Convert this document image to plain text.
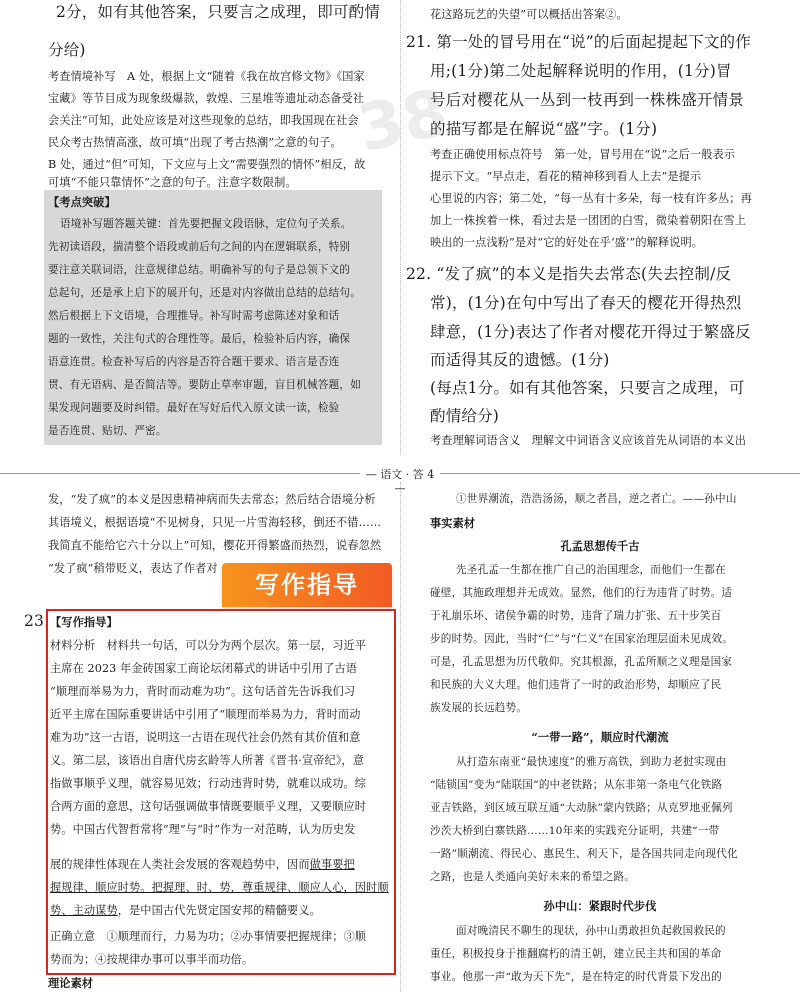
2分，如有其他答案，只要言之成理，即可酌情
分给)
考查情境补写　A 处，根据上文“随着《我在故宫修文物》《国家
宝藏》等节目成为现象级爆款，敦煌、三星堆等遗址动态备受社
会关注”可知，此处应该是对这些现象的总结，即我国现在社会
民众考古热情高涨，故可填“出现了考古热潮”之意的句子。
B 处，通过“但”可知，下文应与上文“需要强烈的情怀”相反，故
可填“不能只靠情怀”之意的句子。注意字数限制。
【考点突破】
语境补写题答题关键：首先要把握文段语脉，定位句子关系。
先初读语段，揣清整个语段或前后句之间的内在逻辑联系，特别
要注意关联词语，注意规律总结。明确补写的句子是总领下文的
总起句，还是承上启下的展开句，还是对内容做出总结的总结句。
然后根据上下文语境，合理推导。补写时需考虑陈述对象和话
题的一致性，关注句式的合理性等。最后，检验补后内容，确保
语意连贯。检查补写后的内容是否符合题干要求、语言是否连
贯、有无语病、是否简洁等。要防止草率审题，盲目机械答题，如
果发现问题要及时纠错。最好在写好后代入原文读一读，检验
是否连贯、贴切、严密。
38
花这路玩艺的失望”可以概括出答案②。
21. 第一处的冒号用在“说”的后面起提起下文的作
用;(1分)第二处起解释说明的作用，(1分)冒
号后对樱花从一丛到一枝再到一株株盛开情景
的描写都是在解说“盛”字。(1分)
考查正确使用标点符号　第一处，冒号用在“说”之后一般表示
提示下文。“早点走，看花的精神移到看人上去”是提示
心里说的内容；第二处，“每一丛有十多朵，每一枝有许多丛；再
加上一株挨着一株，看过去是一团团的白雪，微染着朝阳在雪上
映出的一点浅粉”是对“它的好处在乎‘盛’”的解释说明。
22. “发了疯”的本义是指失去常态(失去控制/反
常)，(1分)在句中写出了春天的樱花开得热烈
肆意，(1分)表达了作者对樱花开得过于繁盛反
而适得其反的遗憾。(1分)
(每点1分。如有其他答案，只要言之成理，可
酌情给分)
考查理解词语含义　理解文中词语含义应该首先从词语的本义出
— 语文 · 答 4 —
发，“发了疯”的本义是因患精神病而失去常态；然后结合语境分析
其语境义，根据语境“不见树身，只见一片雪海轻移，倒还不错……
我简直不能给它六十分以上”可知，樱花开得繁盛而热烈，说春忽然
“发了疯”稍带贬义，表达了作者对
写作指导
23. 【写作指导】
材料分析　材料共一句话，可以分为两个层次。第一层，习近平
主席在 2023 年金砖国家工商论坛闭幕式的讲话中引用了古语
“顺理而举易为力，背时而动难为功”。这句话首先告诉我们习
近平主席在国际重要讲话中引用了“顺理而举易为力，背时而动
难为功”这一古语，说明这一古语在现代社会仍然有其价值和意
义。第二层，该语出自唐代房玄龄等人所著《晋书·宣帝纪》，意
指做事顺乎义理，就容易见效；行动违背时势，就难以成功。综
合两方面的意思，这句话强调做事情既要顺乎义理，又要顺应时
势。中国古代智哲常将“理”与“时”作为一对范畴，认为历史发
展的规律性体现在人类社会发展的客观趋势中，因而做事要把
握规律、顺应时势。把握理、时、势，尊重规律、顺应人心，因时顺
势、主动谋势，是中国古代先贤定国安邦的精髓要义。
正确立意　①顺理而行，力易为功；②办事情要把握规律；③顺
势而为；④按规律办事可以事半而功倍。
理论素材
①世界潮流，浩浩汤汤，顺之者昌，逆之者亡。——孙中山
事实素材
孔孟思想传千古
先圣孔孟一生都在推广自己的治国理念，而他们一生都在
碰壁，其施政理想并无成效。显然，他们的行为违背了时势。适
于礼崩乐坏、诸侯争霸的时势，违背了瑞力扩张、五十步笑百
步的时势。因此，当时“仁”与“仁义”在国家治理层面未见成效。
可是，孔孟思想为历代敬仰。究其根源，孔孟所顺之义理是国家
和民族的大义大理。他们违背了一时的政治形势，却顺应了民
族发展的长远趋势。
“一带一路”，顺应时代潮流
从打造东南亚“最快速度”的雅万高铁，到助力老挝实现由
“陆锁国”变为“陆联国”的中老铁路；从东非第一条电气化铁路
亚吉铁路，到区域互联互通“大动脉”蒙内铁路；从克罗地亚佩列
沙茨大桥到白寨铁路……10年来的实践充分证明，共建“一带
一路”顺潮流、得民心、惠民生、利天下，是各国共同走向现代化
之路，也是人类通向美好未来的希望之路。
孙中山：紧跟时代步伐
面对晚清民不聊生的现状，孙中山勇敢担负起救国救民的
重任，积极投身于推翻腐朽的清王朝，建立民主共和国的革命
事业。他那一声“敢为天下先”，是在特定的时代背景下发出的
